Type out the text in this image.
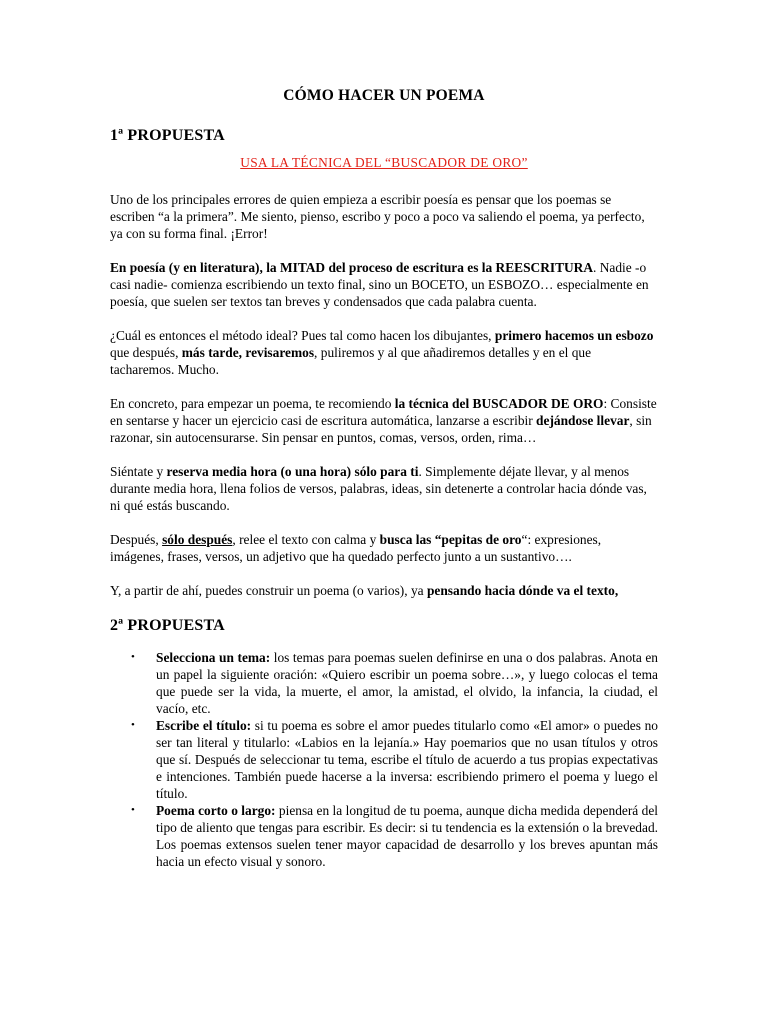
CÓMO HACER UN POEMA
1ª PROPUESTA

USA LA TÉCNICA DEL “BUSCADOR DE ORO”

Uno de los principales errores de quien empieza a escribir poesía es pensar que los poemas se escriben “a la primera”. Me siento, pienso, escribo y poco a poco va saliendo el poema, ya perfecto, ya con su forma final. ¡Error!

En poesía (y en literatura), la MITAD del proceso de escritura es la REESCRITURA. Nadie -o casi nadie- comienza escribiendo un texto final, sino un BOCETO, un ESBOZO… especialmente en poesía, que suelen ser textos tan breves y condensados que cada palabra cuenta.

¿Cuál es entonces el método ideal? Pues tal como hacen los dibujantes, primero hacemos un esbozo que después, más tarde, revisaremos, puliremos y al que añadiremos detalles y en el que tacharemos. Mucho.

En concreto, para empezar un poema, te recomiendo la técnica del BUSCADOR DE ORO: Consiste en sentarse y hacer un ejercicio casi de escritura automática, lanzarse a escribir dejándose llevar, sin razonar, sin autocensurarse. Sin pensar en puntos, comas, versos, orden, rima…

Siéntate y reserva media hora (o una hora) sólo para ti. Simplemente déjate llevar, y al menos durante media hora, llena folios de versos, palabras, ideas, sin detenerte a controlar hacia dónde vas, ni qué estás buscando.

Después, sólo después, relee el texto con calma y busca las “pepitas de oro“: expresiones, imágenes, frases, versos, un adjetivo que ha quedado perfecto junto a un sustantivo….

Y, a partir de ahí, puedes construir un poema (o varios), ya pensando hacia dónde va el texto,

2ª PROPUESTA
• Selecciona un tema: los temas para poemas suelen definirse en una o dos palabras. Anota en un papel la siguiente oración: «Quiero escribir un poema sobre…», y luego colocas el tema que puede ser la vida, la muerte, el amor, la amistad, el olvido, la infancia, la ciudad, el vacío, etc.
• Escribe el título: si tu poema es sobre el amor puedes titularlo como «El amor» o puedes no ser tan literal y titularlo: «Labios en la lejanía.» Hay poemarios que no usan títulos y otros que sí. Después de seleccionar tu tema, escribe el título de acuerdo a tus propias expectativas e intenciones. También puede hacerse a la inversa: escribiendo primero el poema y luego el título.
• Poema corto o largo: piensa en la longitud de tu poema, aunque dicha medida dependerá del tipo de aliento que tengas para escribir. Es decir: si tu tendencia es la extensión o la brevedad. Los poemas extensos suelen tener mayor capacidad de desarrollo y los breves apuntan más hacia un efecto visual y sonoro.
